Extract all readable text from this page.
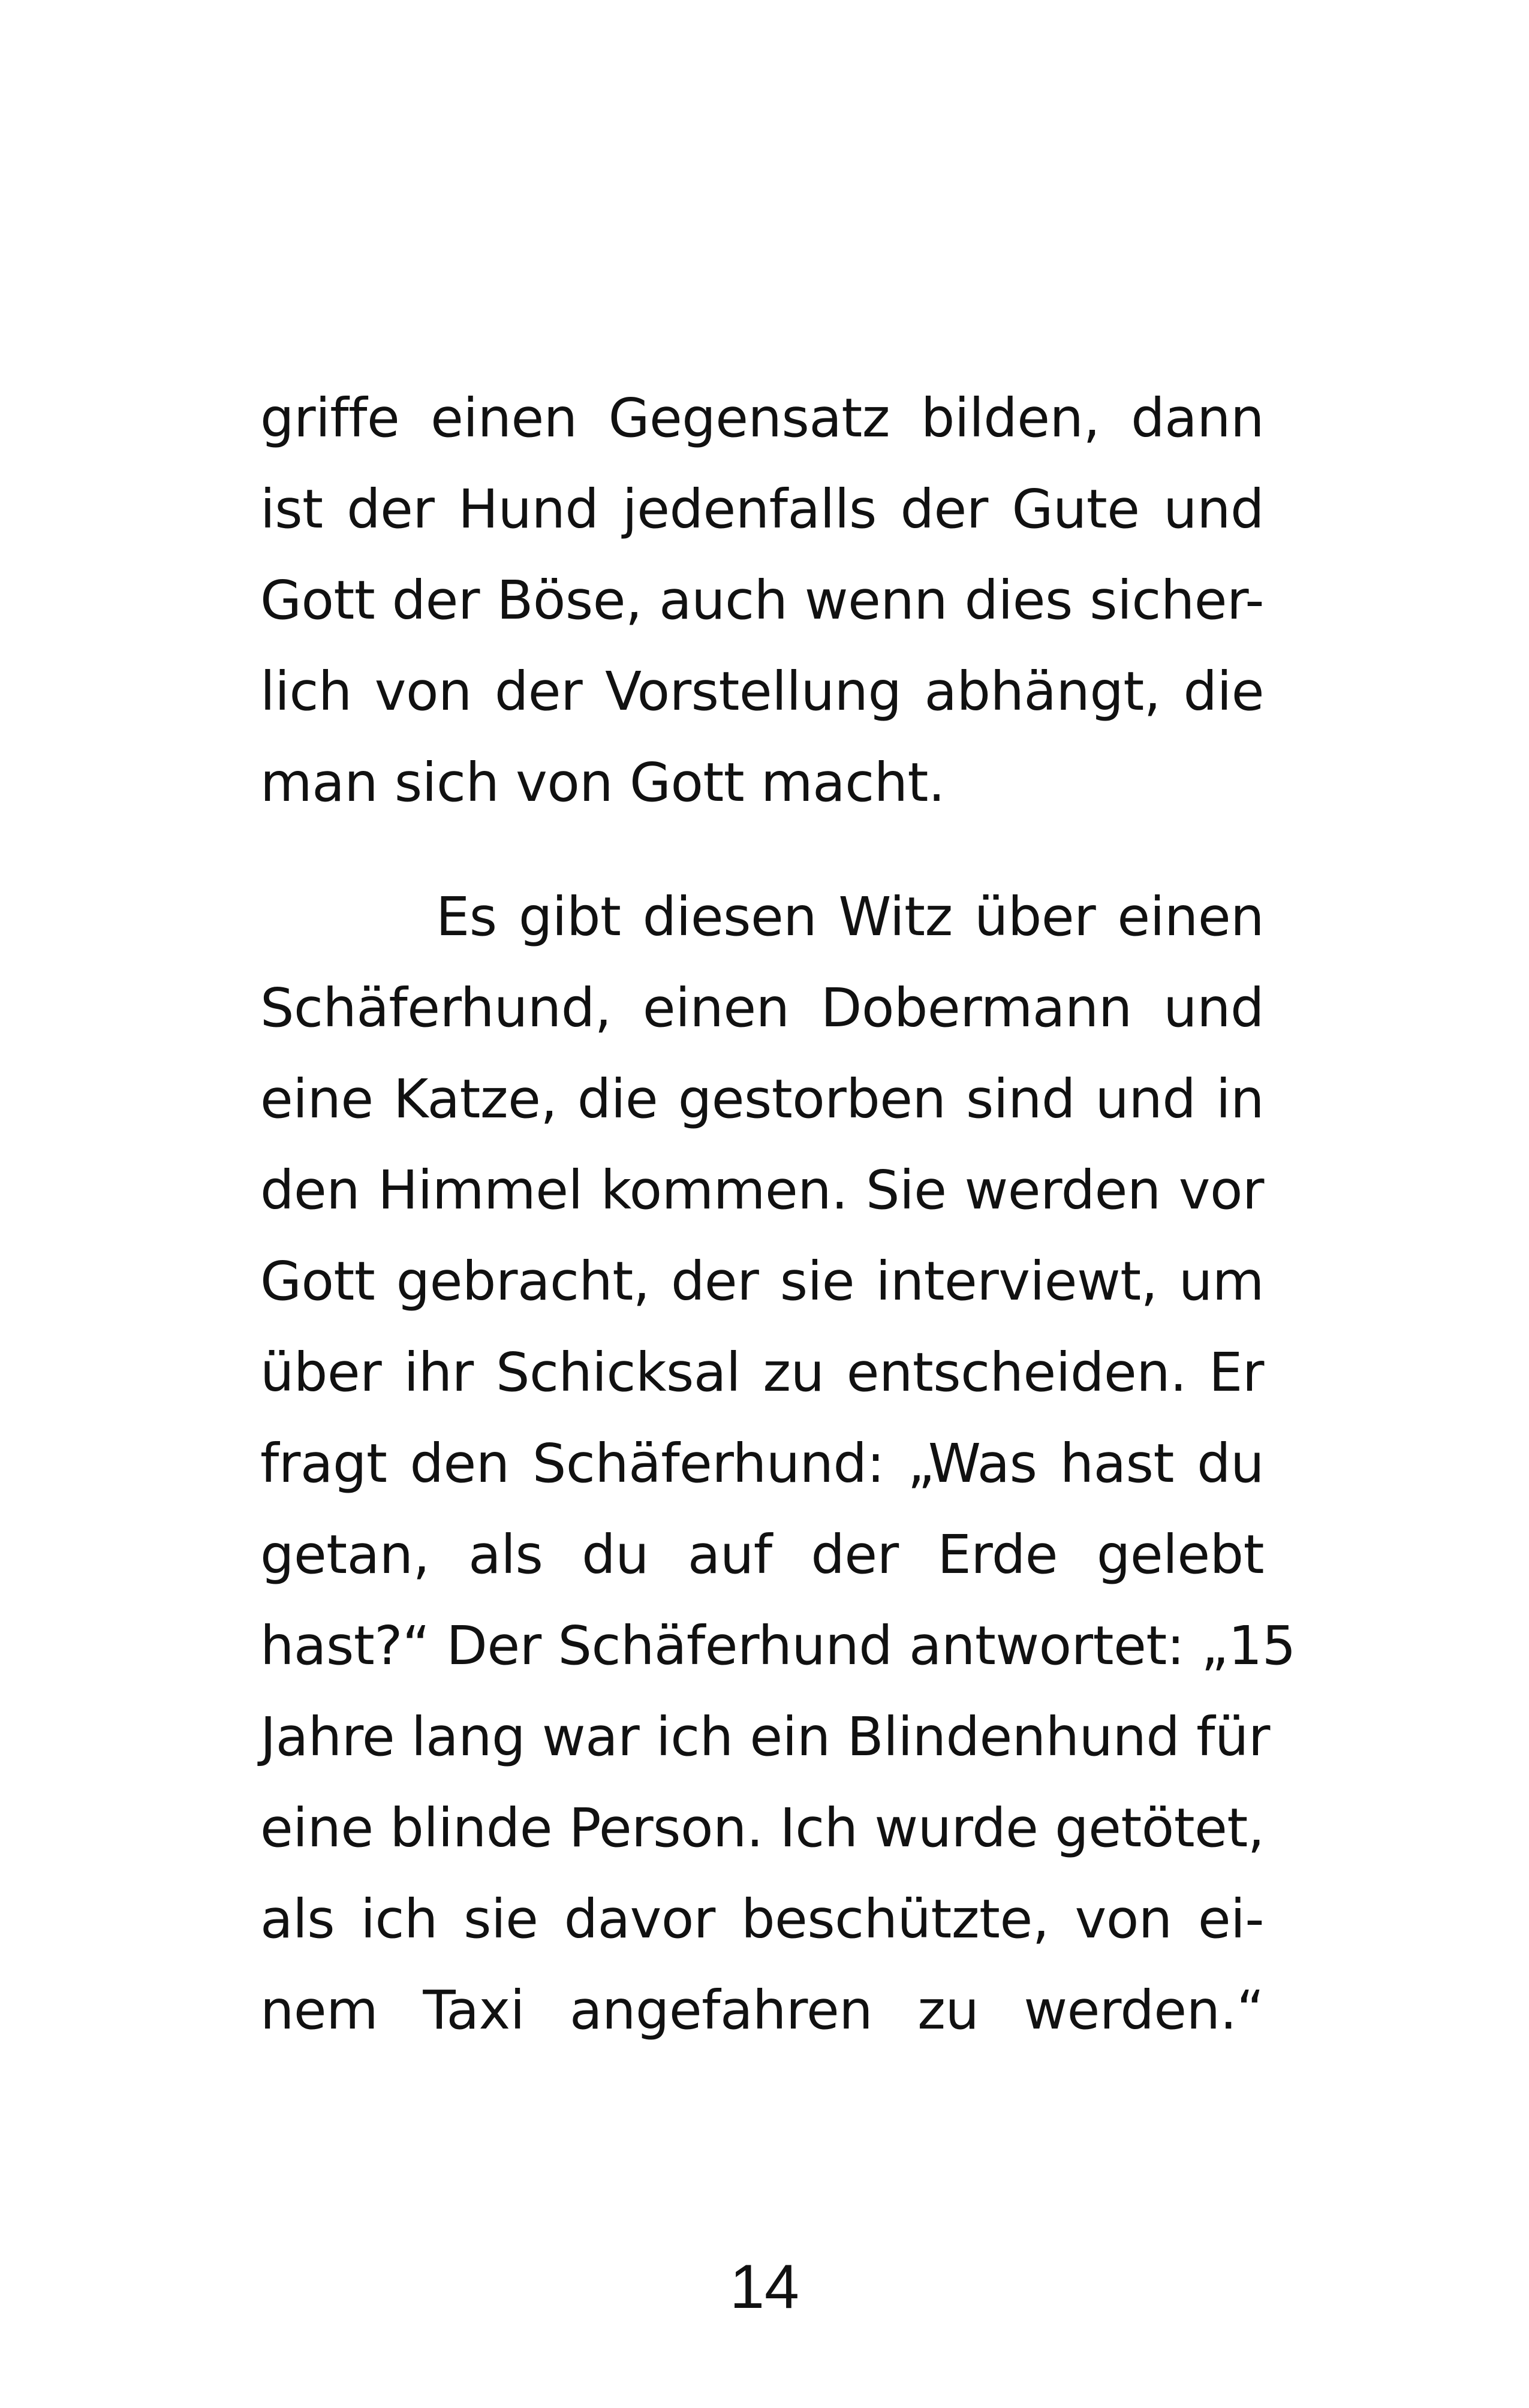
griffe einen Gegensatz bilden, dann
ist der Hund jedenfalls der Gute und
Gott der Böse, auch wenn dies sicher-
lich von der Vorstellung abhängt, die
man sich von Gott macht.
Es gibt diesen Witz über einen
Schäferhund, einen Dobermann und
eine Katze, die gestorben sind und in
den Himmel kommen. Sie werden vor
Gott gebracht, der sie interviewt, um
über ihr Schicksal zu entscheiden. Er
fragt den Schäferhund: „Was hast du
getan, als du auf der Erde gelebt
hast?“ Der Schäferhund antwortet: „15
Jahre lang war ich ein Blindenhund für
eine blinde Person. Ich wurde getötet,
als ich sie davor beschützte, von ei-
nem Taxi angefahren zu werden.“
14
